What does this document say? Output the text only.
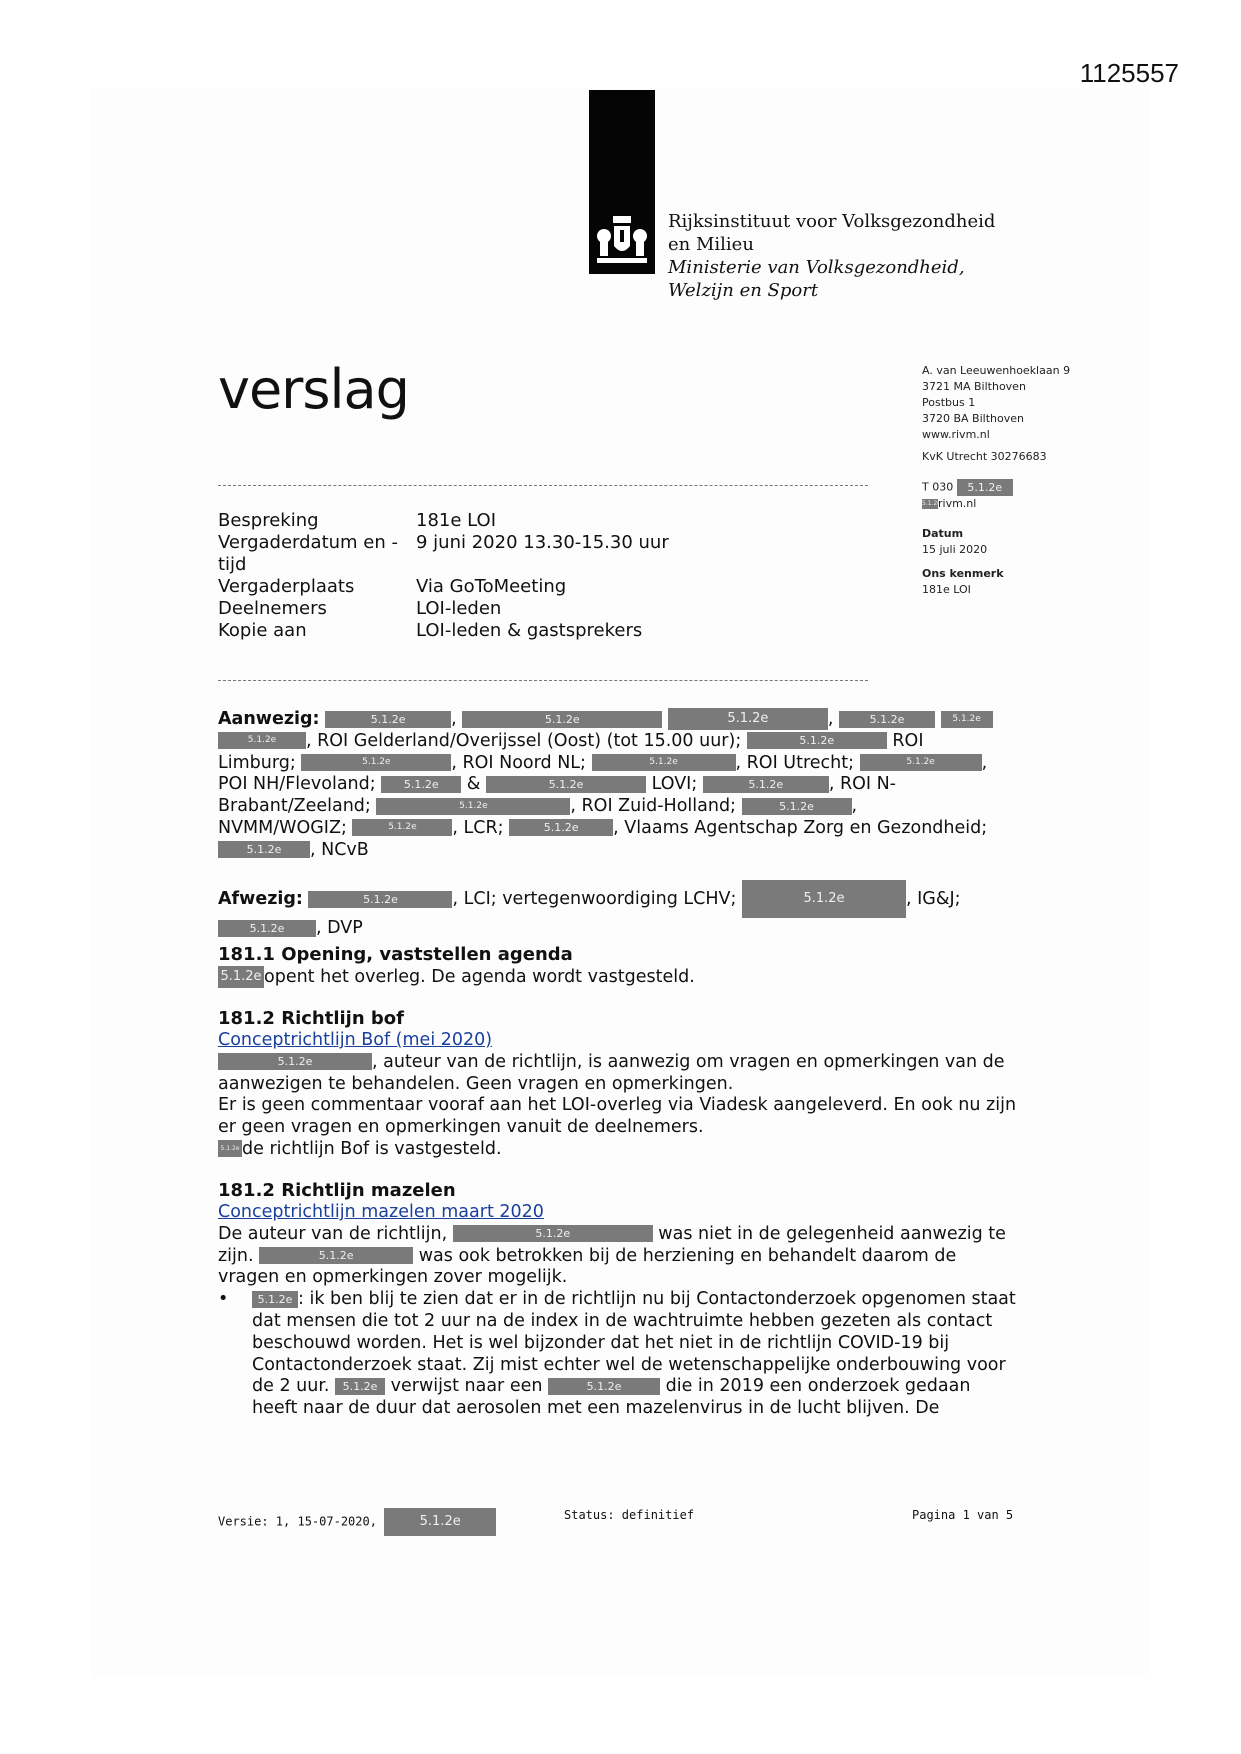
1125557
Rijksinstituut voor Volksgezondheid
en Milieu
Ministerie van Volksgezondheid,
Welzijn en Sport
verslag	A. van Leeuwenhoeklaan 9
3721 MA Bilthoven
Postbus 1
3720 BA Bilthoven
www.rivm.nl
KvK Utrecht 30276683
T 030 5.1.2e
5.1.2erivm.nl
Datum
15 juli 2020
Ons kenmerk
181e LOI
Bespreking	181e LOI
Vergaderdatum en -tijd
9 juni 2020 13.30-15.30 uur
Vergaderplaats	Via GoToMeeting
Deelnemers	LOI-leden
Kopie aan	LOI-leden & gastsprekers
Aanwezig:	5.1.2e	,	5.1.2e	5.1.2e	,	5.1.2e	5.1.2e
5.1.2e , ROI Gelderland/Overijssel (Oost) (tot 15.00 uur);	5.1.2e	ROI
Limburg;	5.1.2e	, ROI Noord NL;	5.1.2e	, ROI Utrecht;	5.1.2e	,
POI NH/Flevoland;	5.1.2e &	5.1.2e	LOVI;	5.1.2e	, ROI N-
Brabant/Zeeland;	5.1.2e	, ROI Zuid-Holland;	5.1.2e ,
NVMM/WOGIZ;	5.1.2e , LCR;	5.1.2e , Vlaams Agentschap Zorg en Gezondheid;
5.1.2e , NCvB
Afwezig:	5.1.2e	, LCI; vertegenwoordiging LCHV;	5.1.2e	, IG&J;
5.1.2e , DVP
181.1 Opening, vaststellen agenda
5.1.2e opent het overleg. De agenda wordt vastgesteld.
181.2 Richtlijn bof
Conceptrichtlijn Bof (mei 2020)
5.1.2e	, auteur van de richtlijn, is aanwezig om vragen en opmerkingen van de aanwezigen te behandelen. Geen vragen en opmerkingen.
Er is geen commentaar vooraf aan het LOI-overleg via Viadesk aangeleverd. En ook nu zijn er geen vragen en opmerkingen vanuit de deelnemers.
5.1.2e de richtlijn Bof is vastgesteld.
181.2 Richtlijn mazelen
Conceptrichtlijn mazelen maart 2020
De auteur van de richtlijn,	5.1.2e	was niet in de gelegenheid aanwezig te zijn.	5.1.2e	was ook betrokken bij de herziening en behandelt daarom de vragen en opmerkingen zover mogelijk.
•	5.1.2e : ik ben blij te zien dat er in de richtlijn nu bij Contactonderzoek opgenomen staat dat mensen die tot 2 uur na de index in de wachtruimte hebben gezeten als contact beschouwd worden. Het is wel bijzonder dat het niet in de richtlijn COVID-19 bij Contactonderzoek staat. Zij mist echter wel de wetenschappelijke onderbouwing voor de 2 uur. 5.1.2e verwijst naar een	5.1.2e	die in 2019 een onderzoek gedaan heeft naar de duur dat aerosolen met een mazelenvirus in de lucht blijven. De
Versie: 1, 15-07-2020,	5.1.2e	Status: definitief	Pagina 1 van 5
